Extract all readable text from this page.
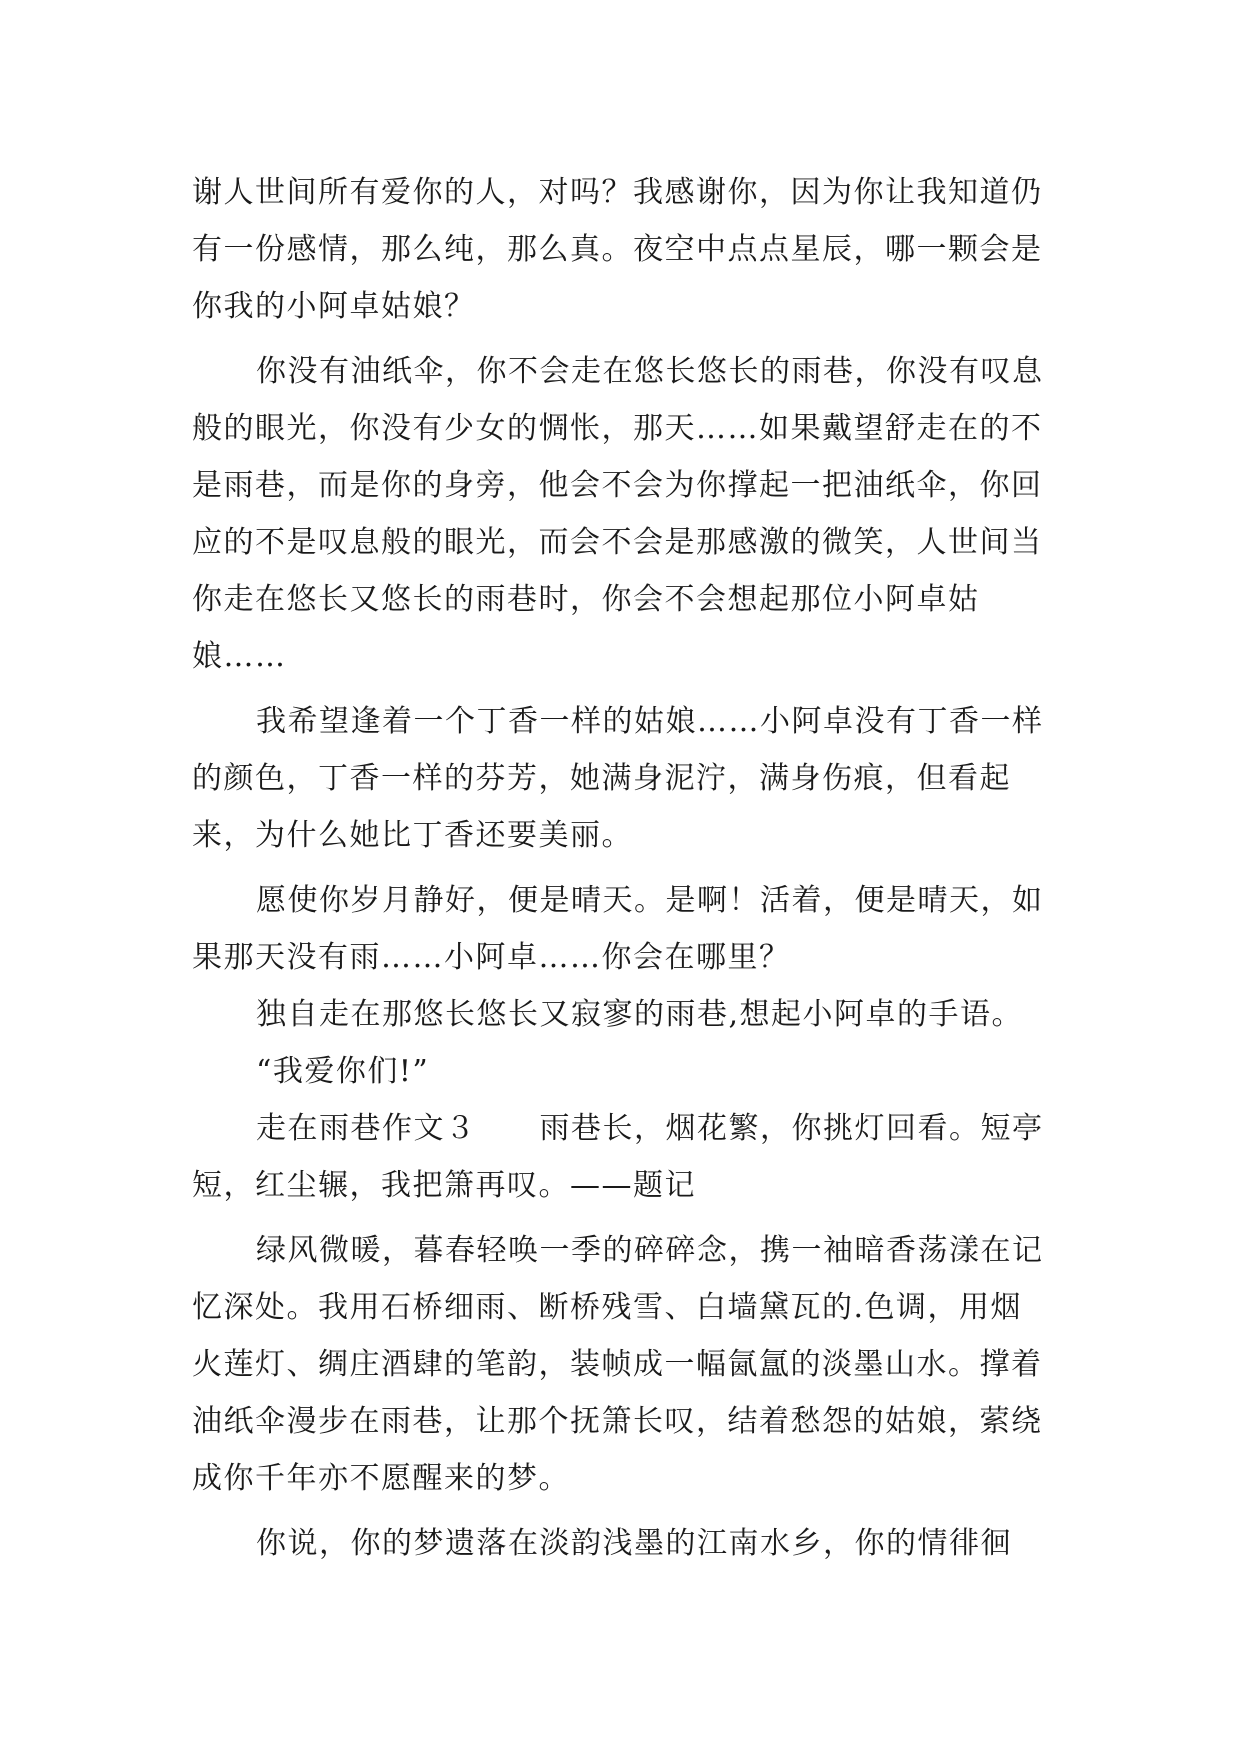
谢人世间所有爱你的人，对吗？我感谢你，因为你让我知道仍有一份感情，那么纯，那么真。夜空中点点星辰，哪一颗会是你我的小阿卓姑娘？

你没有油纸伞，你不会走在悠长悠长的雨巷，你没有叹息般的眼光，你没有少女的惆怅，那天……如果戴望舒走在的不是雨巷，而是你的身旁，他会不会为你撑起一把油纸伞，你回应的不是叹息般的眼光，而会不会是那感激的微笑，人世间当你走在悠长又悠长的雨巷时，你会不会想起那位小阿卓姑娘……

我希望逢着一个丁香一样的姑娘……小阿卓没有丁香一样的颜色，丁香一样的芬芳，她满身泥泞，满身伤痕，但看起来，为什么她比丁香还要美丽。

愿使你岁月静好，便是晴天。是啊！活着，便是晴天，如果那天没有雨……小阿卓……你会在哪里？

独自走在那悠长悠长又寂寥的雨巷,想起小阿卓的手语。

“我爱你们!”

走在雨巷作文３　　雨巷长，烟花繁，你挑灯回看。短亭短，红尘辗，我把箫再叹。——题记

绿风微暖，暮春轻唤一季的碎碎念，携一袖暗香荡漾在记忆深处。我用石桥细雨、断桥残雪、白墙黛瓦的.色调，用烟火莲灯、绸庄酒肆的笔韵，装帧成一幅氤氲的淡墨山水。撑着油纸伞漫步在雨巷，让那个抚箫长叹，结着愁怨的姑娘，萦绕成你千年亦不愿醒来的梦。

你说，你的梦遗落在淡韵浅墨的江南水乡，你的情徘徊
